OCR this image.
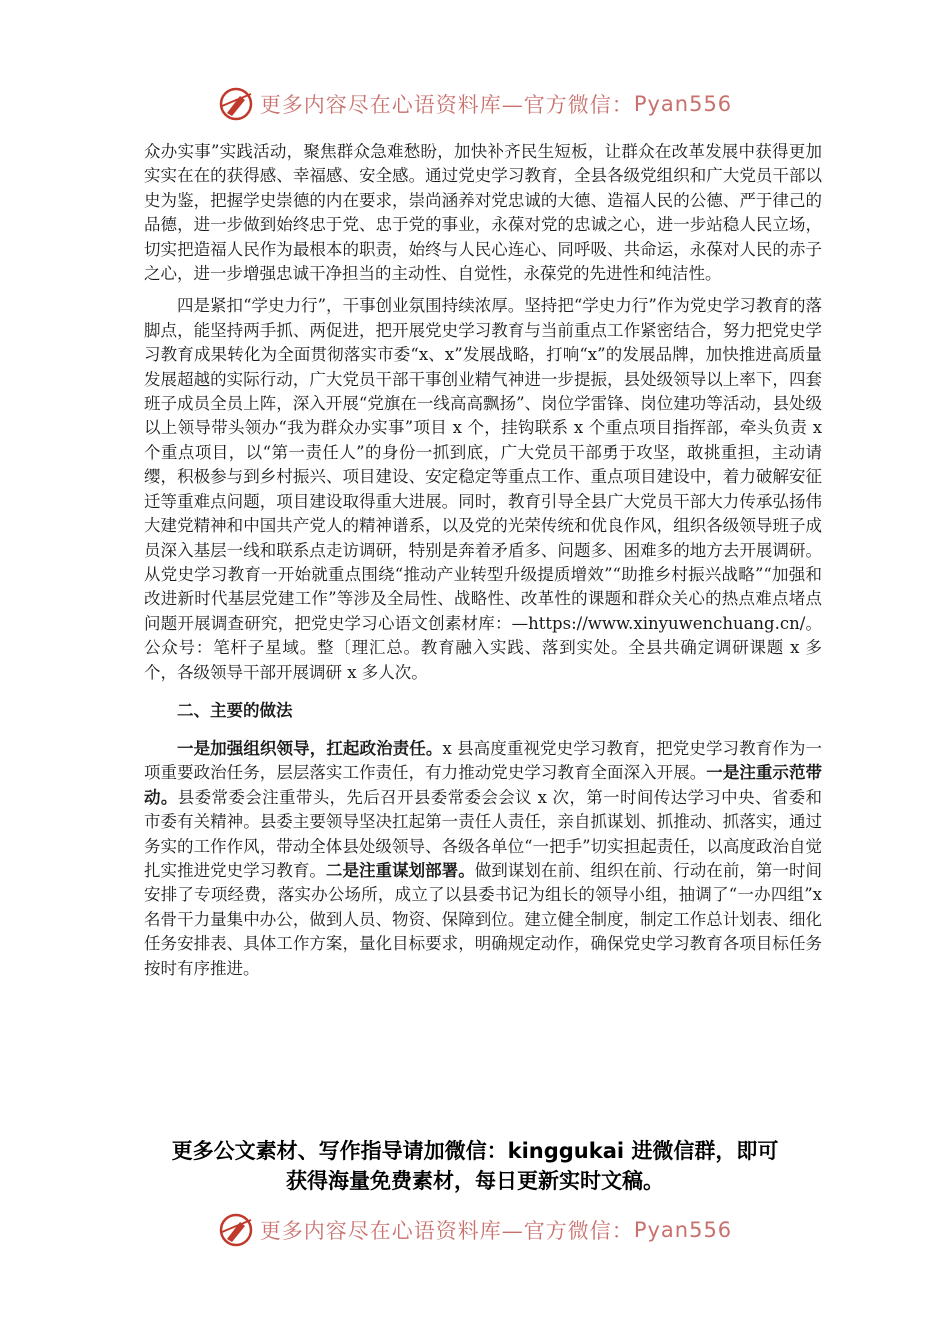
更多内容尽在心语资料库—官方微信： Pyan556

众办实事”实践活动，聚焦群众急难愁盼，加快补齐民生短板，让群众在改革发展中获得更加实实在在的获得感、幸福感、安全感。通过党史学习教育，全县各级党组织和广大党员干部以史为鉴，把握学史崇德的内在要求，崇尚涵养对党忠诚的大德、造福人民的公德、严于律己的品德，进一步做到始终忠于党、忠于党的事业，永葆对党的忠诚之心，进一步站稳人民立场，切实把造福人民作为最根本的职责，始终与人民心连心、同呼吸、共命运，永葆对人民的赤子之心，进一步增强忠诚干净担当的主动性、自觉性，永葆党的先进性和纯洁性。

四是紧扣“学史力行”，干事创业氛围持续浓厚。坚持把“学史力行”作为党史学习教育的落脚点，能坚持两手抓、两促进，把开展党史学习教育与当前重点工作紧密结合，努力把党史学习教育成果转化为全面贯彻落实市委“x、x”发展战略，打响“x”的发展品牌，加快推进高质量发展超越的实际行动，广大党员干部干事创业精气神进一步提振，县处级领导以上率下，四套班子成员全员上阵，深入开展“党旗在一线高高飘扬”、岗位学雷锋、岗位建功等活动，县处级以上领导带头领办“我为群众办实事”项目 x 个，挂钩联系 x 个重点项目指挥部，牵头负责 x 个重点项目，以“第一责任人”的身份一抓到底，广大党员干部勇于攻坚，敢挑重担，主动请缨，积极参与到乡村振兴、项目建设、安定稳定等重点工作、重点项目建设中，着力破解安征迁等重难点问题，项目建设取得重大进展。同时，教育引导全县广大党员干部大力传承弘扬伟大建党精神和中国共产党人的精神谱系，以及党的光荣传统和优良作风，组织各级领导班子成员深入基层一线和联系点走访调研，特别是奔着矛盾多、问题多、困难多的地方去开展调研。从党史学习教育一开始就重点围绕“推动产业转型升级提质增效”“助推乡村振兴战略”“加强和改进新时代基层党建工作”等涉及全局性、战略性、改革性的课题和群众关心的热点难点堵点问题开展调查研究，把党史学习心语文创素材库：—https://www.xinyuwenchuang.cn/。公众号：笔杆子星域。整〔理汇总。教育融入实践、落到实处。全县共确定调研课题 x 多个，各级领导干部开展调研 x 多人次。

二、主要的做法

一是加强组织领导，扛起政治责任。x 县高度重视党史学习教育，把党史学习教育作为一项重要政治任务，层层落实工作责任，有力推动党史学习教育全面深入开展。一是注重示范带动。县委常委会注重带头，先后召开县委常委会会议 x 次，第一时间传达学习中央、省委和市委有关精神。县委主要领导坚决扛起第一责任人责任，亲自抓谋划、抓推动、抓落实，通过务实的工作作风，带动全体县处级领导、各级各单位“一把手”切实担起责任，以高度政治自觉扎实推进党史学习教育。二是注重谋划部署。做到谋划在前、组织在前、行动在前，第一时间安排了专项经费，落实办公场所，成立了以县委书记为组长的领导小组，抽调了“一办四组”x 名骨干力量集中办公，做到人员、物资、保障到位。建立健全制度，制定工作总计划表、细化任务安排表、具体工作方案，量化目标要求，明确规定动作，确保党史学习教育各项目标任务按时有序推进。

更多公文素材、写作指导请加微信：kinggukai 进微信群，即可
获得海量免费素材，每日更新实时文稿。
更多内容尽在心语资料库—官方微信： Pyan556
